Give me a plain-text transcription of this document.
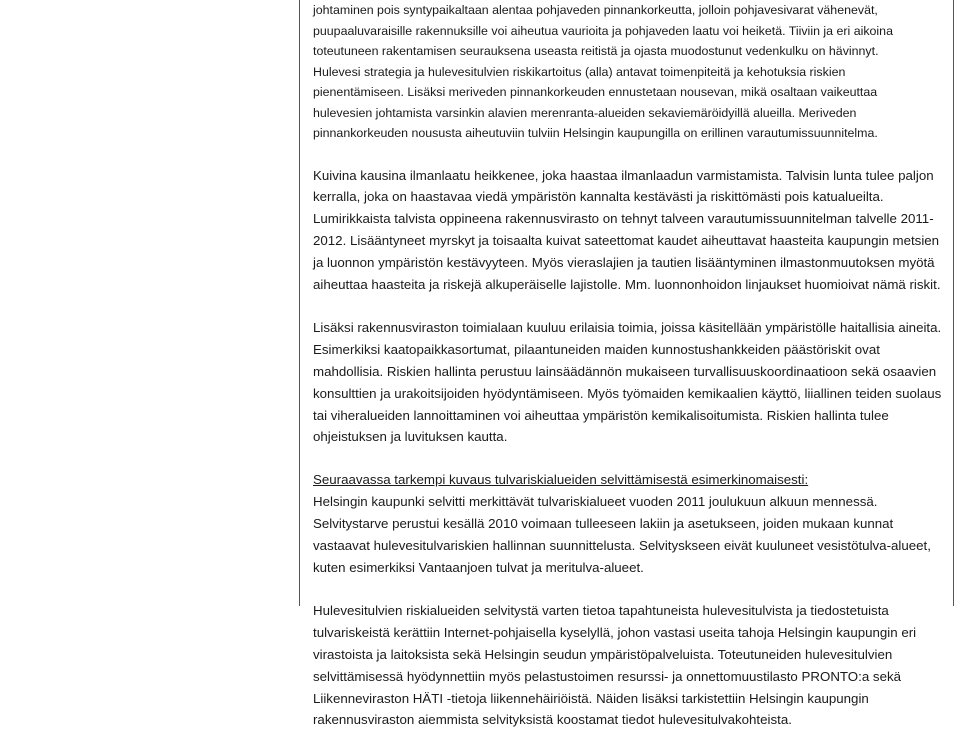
johtaminen pois syntypaikaltaan alentaa pohjaveden pinnankorkeutta, jolloin pohjavesivarat vähenevät,

puupaaluvaraisille rakennuksille voi aiheutua vaurioita ja pohjaveden laatu voi heiketä. Tiiviin ja eri aikoina

toteutuneen rakentamisen seurauksena useasta reitistä ja ojasta muodostunut vedenkulku on hävinnyt.

Hulevesi strategia ja hulevesitulvien riskikartoitus (alla) antavat toimenpiteitä ja kehotuksia riskien

pienentämiseen. Lisäksi meriveden pinnankorkeuden ennustetaan nousevan, mikä osaltaan vaikeuttaa

hulevesien johtamista varsinkin alavien merenranta-alueiden sekaviemäröidyillä alueilla. Meriveden

pinnankorkeuden noususta aiheutuviin tulviin Helsingin kaupungilla on erillinen varautumissuunnitelma.

Kuivina kausina ilmanlaatu heikkenee, joka haastaa ilmanlaadun varmistamista. Talvisin lunta tulee paljon

kerralla, joka on haastavaa viedä ympäristön kannalta kestävästi ja riskittömästi pois katualueilta.

Lumirikkaista talvista oppineena rakennusvirasto on tehnyt talveen varautumissuunnitelman talvelle 2011-

2012. Lisääntyneet myrskyt ja toisaalta kuivat sateettomat kaudet aiheuttavat haasteita kaupungin metsien

ja luonnon ympäristön kestävyyteen. Myös vieraslajien ja tautien lisääntyminen ilmastonmuutoksen myötä

aiheuttaa haasteita ja riskejä alkuperäiselle lajistolle. Mm. luonnonhoidon linjaukset huomioivat nämä riskit.

Lisäksi rakennusviraston toimialaan kuuluu erilaisia toimia, joissa käsitellään ympäristölle haitallisia aineita.

Esimerkiksi kaatopaikkasortumat, pilaantuneiden maiden kunnostushankkeiden päästöriskit ovat

mahdollisia. Riskien hallinta perustuu lainsäädännön mukaiseen turvallisuuskoordinaatioon sekä osaavien

konsulttien ja urakoitsijoiden hyödyntämiseen. Myös työmaiden kemikaalien käyttö, liiallinen teiden suolaus

tai viheralueiden lannoittaminen voi aiheuttaa ympäristön kemikalisoitumista. Riskien hallinta tulee

ohjeistuksen ja luvituksen kautta.

Seuraavassa tarkempi kuvaus tulvariskialueiden selvittämisestä esimerkinomaisesti:

Helsingin kaupunki selvitti merkittävät tulvariskialueet vuoden 2011 joulukuun alkuun mennessä.

Selvitystarve perustui kesällä 2010 voimaan tulleeseen lakiin ja asetukseen, joiden mukaan kunnat

vastaavat hulevesitulvariskien hallinnan suunnittelusta. Selvityskseen eivät kuuluneet vesistötulva-alueet,

kuten esimerkiksi Vantaanjoen tulvat ja meritulva-alueet.

Hulevesitulvien riskialueiden selvitystä varten tietoa tapahtuneista hulevesitulvista ja tiedostetuista

tulvariskeistä kerättiin Internet-pohjaisella kyselyllä, johon vastasi useita tahoja Helsingin kaupungin eri

virastoista ja laitoksista sekä Helsingin seudun ympäristöpalveluista. Toteutuneiden hulevesitulvien

selvittämisessä hyödynnettiin myös pelastustoimen resurssi- ja onnettomuustilasto PRONTO:a sekä

Liikenneviraston HÄTI -tietoja liikennehäiriöistä. Näiden lisäksi tarkistettiin Helsingin kaupungin

rakennusviraston aiemmista selvityksistä koostamat tiedot hulevesitulvakohteista.
